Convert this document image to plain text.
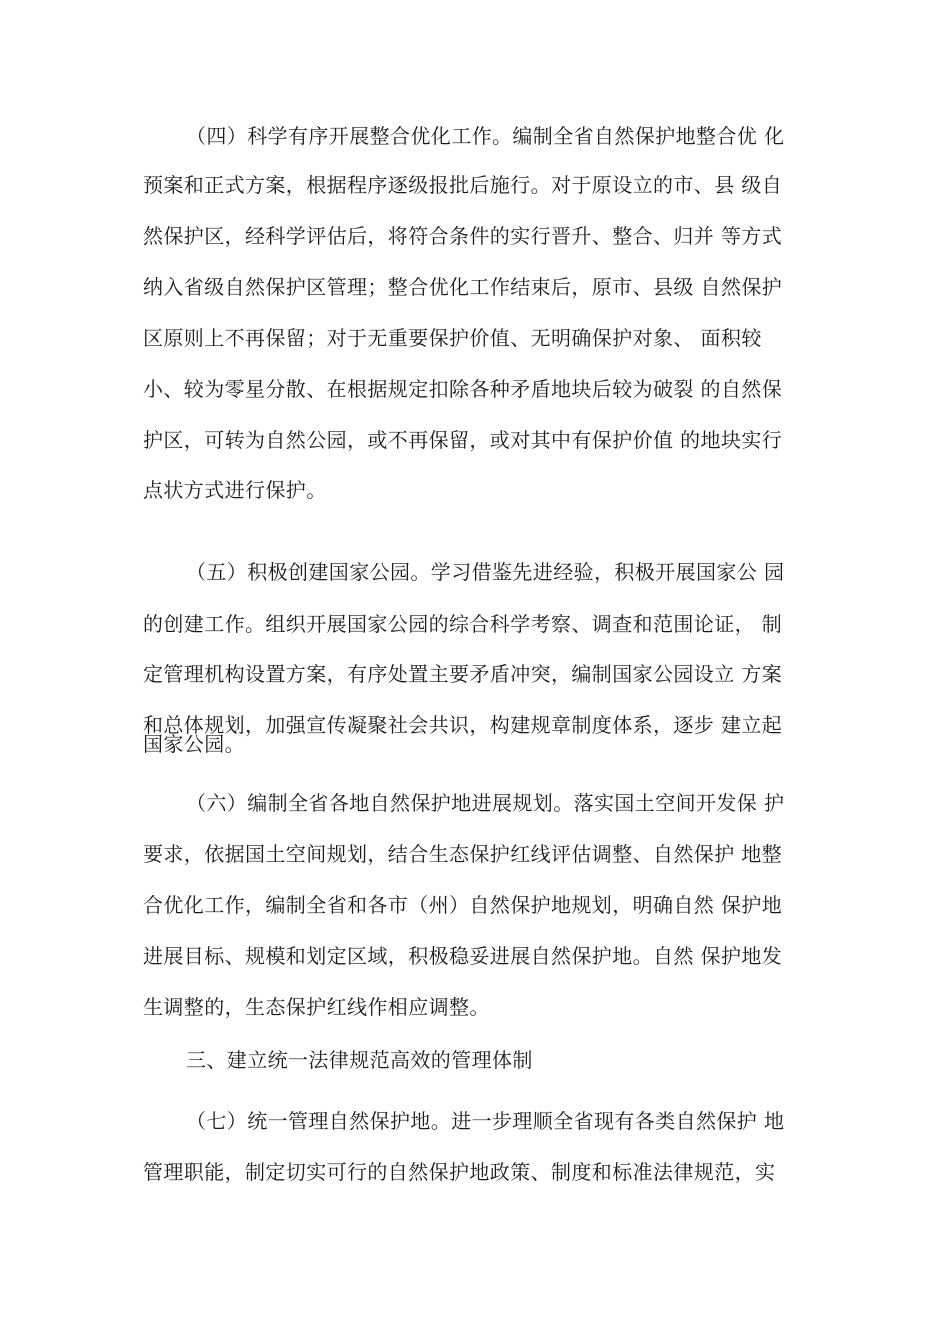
（四）科学有序开展整合优化工作。编制全省自然保护地整合优 化
预案和正式方案，根据程序逐级报批后施行。对于原设立的市、县 级自
然保护区，经科学评估后，将符合条件的实行晋升、整合、归并 等方式
纳入省级自然保护区管理；整合优化工作结束后，原市、县级 自然保护
区原则上不再保留；对于无重要保护价值、无明确保护对象、 面积较
小、较为零星分散、在根据规定扣除各种矛盾地块后较为破裂 的自然保
护区，可转为自然公园，或不再保留，或对其中有保护价值 的地块实行
点状方式进行保护。
（五）积极创建国家公园。学习借鉴先进经验，积极开展国家公 园
的创建工作。组织开展国家公园的综合科学考察、调查和范围论证， 制
定管理机构设置方案，有序处置主要矛盾冲突，编制国家公园设立 方案
和总体规划，加强宣传凝聚社会共识，构建规章制度体系，逐步 建立起
国家公园。
（六）编制全省各地自然保护地进展规划。落实国土空间开发保 护
要求，依据国土空间规划，结合生态保护红线评估调整、自然保护 地整
合优化工作，编制全省和各市（州）自然保护地规划，明确自然 保护地
进展目标、规模和划定区域，积极稳妥进展自然保护地。自然 保护地发
生调整的，生态保护红线作相应调整。
三、建立统一法律规范高效的管理体制
（七）统一管理自然保护地。进一步理顺全省现有各类自然保护 地
管理职能，制定切实可行的自然保护地政策、制度和标准法律规范，实
